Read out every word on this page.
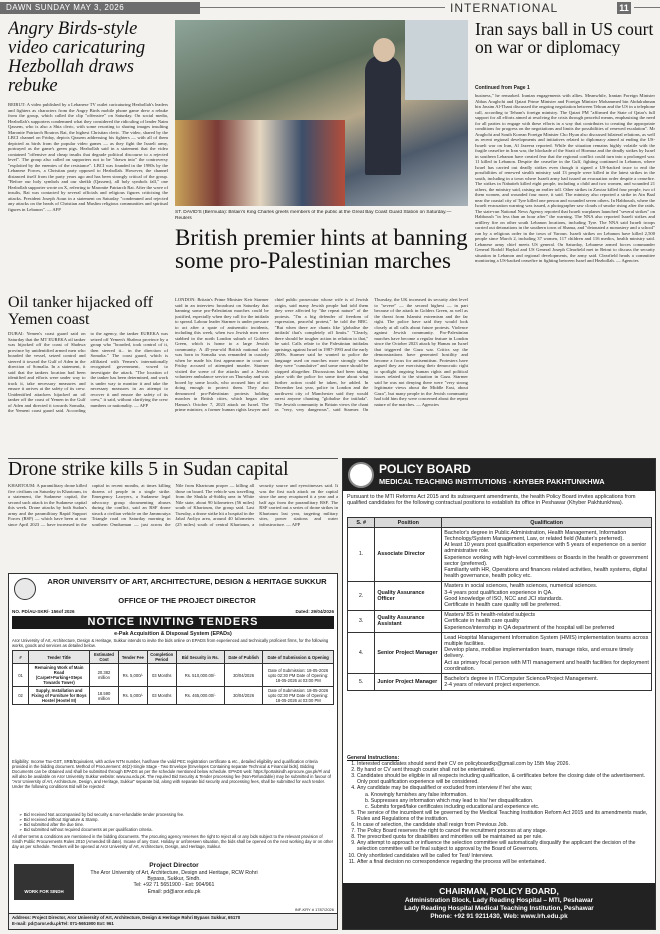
DAWN SUNDAY MAY 3, 2026	INTERNATIONAL	11
Angry Birds-style video caricaturing Hezbollah draws rebuke
BEIRUT: A video published by a Lebanese TV outlet caricaturing Hezbollah's leaders and fighters as characters from the Angry Birds mobile phone game drew a rebuke from the group, which called the clip "offensive" on Saturday. On social media, Hezbollah's supporters condemned what they considered the ridiculing of leader Naim Qassem, who is also a Shia cleric, with some resorting to sharing images insulting Maronite Patriarch Boutros Rai, the highest Christian cleric. The video, shared by the LBCI channel on Friday, depicts Qassem addressing his fighters — with all of them depicted as birds from the popular video games — as they fight the Israeli army, portrayed as the game's green pigs. Hezbollah said in a statement that the video contained "offensive and cheap insults that degrade political discourse to a rejected level". The group also called on supporters not to be "drawn into" the controversy "exploited by the enemies of the resistance". LBCI was founded in the 1980s by the Lebanese Forces, a Christian party opposed to Hezbollah. However, the channel distanced itself from the party years ago and has been strongly critical of the group. "Before our holy symbols and our sheikh (Qassem), all holy symbols fall," one Hezbollah supporter wrote on X, referring to Maronite Patriarch Rai. After the wave of insults, Rai was contacted by several officials and religious figures criticising the attacks. President Joseph Aoun in a statement on Saturday "condemned and rejected any attacks on the heads of Christian and Muslim religious communities and spiritual figures in Lebanon". — AFP
Oil tanker hijacked off Yemen coast
DUBAI: Yemen's coast guard said on Saturday that the MT EUREKA oil tanker was hijacked off the coast of Shabwa province by unidentified armed men who boarded the vessel, seized control and steered it toward the Gulf of Aden in the direction of Somalia. In a statement, it said that the tankers location had been identified and efforts were under way to track it, take necessary measures and ensure it arrives at the safety of its crew. Unidentified attackers hijacked an oil tanker off the coast of Yemen in the Gulf of Aden and directed it towards Somalia, the Yemeni coast guard said. According to the agency, the tanker EUREKA was seized off Yemen's Shabwa province by a group who "boarded, took control of it, then steered it... in the direction of Somalia." The coast guard, which is affiliated with Yemen's internationally recognised government, vowed to investigate the attack. "The location of the tanker has been determined, and work is under way to monitor it and take the necessary measures in an attempt to recover it and ensure the safety of its crew," it said, without clarifying the crew numbers or nationality. — AFP
ST. DAVID'S (Bermuda): Britain's King Charles greets members of the public at the Great Bay Coast Guard Station on Saturday.—Reuters
British premier hints at banning some pro-Palestinian marches
LONDON: Britain's Prime Minister Keir Starmer said in an interview broadcast on Saturday that banning some pro-Palestinian marches could be justified, especially when they call for the intifada to spread. Labour leader Starmer is under pressure to act after a spate of antisemitic incidents, including this week, when two Jewish men were stabbed in the north London suburb of Golders Green, which is home to a large Jewish community. A 45-year-old British national who was born in Somalia was remanded in custody when he made his first appearance in court on Friday accused of attempted murder. Starmer visited the scene of the attacks and a Jewish volunteer ambulance service on Thursday and was booed by some locals, who accused him of not doing enough to protect them. They also denounced pro-Palestinian protests holding marches in British cities, which began after Hamas's October 7, 2023 attack on Israel. The prime minister, a former human rights lawyer and chief public prosecutor whose wife is of Jewish origin, said many Jewish people had told them they were affected by "the repeat nature" of the protests. "I'm a big defender of freedom of expression, peaceful protest," he told the BBC. "But when there are chants like 'globalise the intifada' that's completely off limits." "Clearly, there should be tougher action in relation to that," he said. Calls relate to the Palestinian intifadas uprisings against Israel in 1987-1993 and the early 2000s. Starmer said he wanted to police the language used on marches more strongly when they were "cumulative" and some more should be stopped altogether. Discussions had been taking place with the police for some time about what further action could be taken, he added. In December last year, police in London and the northwest city of Manchester said they would arrest anyone chanting "globalise the intifada". The Jewish community in Britain views the chant as "very, very dangerous", said Starmer. On Thursday, the UK increased its security alert level to "severe" — the second highest — in part because of the attack in Golders Green, as well as the threat from Islamist extremism and the far right. The police have said they would look closely at all calls about future protests. Violence against Jewish community. Pro-Palestinian marches have become a regular feature in London since the October 2023 attack by Hamas on Israel that triggered the Gaza war. Critics say the demonstrations have generated hostility and become a focus for antisemitism. Protesters have argued they are exercising their democratic right to spotlight ongoing human rights and political issues related to the situation in Gaza. Starmer said he was not denying there were "very strong legitimate views about the Middle East, about Gaza", but many people in the Jewish community had told him they were concerned about the repeat nature of the marches. — Agencies
Iran says ball in US court on war or diplomacy
Continued from Page 1
business," he remarked. Iranian engagements with allies. Meanwhile, Iranian Foreign Minister Abbas Araghchi and Qatari Prime Minister and Foreign Minister Mohammed bin Abdulrahman bin Jassim Al-Thani discussed the ongoing negotiation between Tehran and the US in a telephone call, according to Tehran's foreign ministry. The Qatari PM "affirmed the State of Qatar's full support for all efforts aimed at resolving the crisis through peaceful means, emphasising the need for all parties to engage with these efforts in a way that contributes to creating the appropriate conditions for progress on the negotiations and limits the possibilities of renewed escalation". Mr Araghchi and South Korean Foreign Minister Cho Hyun also discussed bilateral relations, as well as recent regional developments and initiatives related to diplomacy aimed at ending the US-Israeli war on Iran, Al Jazeera reported. While the situation remains highly volatile with the fragile ceasefire in Iran war, the blockade of the Strait of Hormuz and the deadly strikes by Israel in southern Lebanon have created fear that the regional conflict could turn into a prolonged war. 11 killed in Lebanon. Despite the ceasefire in the Gulf, fighting continued in Lebanon, where Israel has carried out deadly strikes even though it signed a US-backed truce to end the possibilities of renewed stealth ministry said 13 people were killed in the latest strikes in the south, including in a town where Israeli army had issued an evacuation order despite a ceasefire. The strikes in Nabatieh killed eight people, including a child and two women, and wounded 21 others, the ministry said, raising an earlier toll. Other strikes in Zawtar killed four people, two of them women, and wounded four more, it said. The ministry also reported a strike in Ain Baal near the coastal city of Tyre killed one person and wounded seven others. In Habboush, where the Israeli evacuation warning was issued, a photographer saw clouds of smoke rising after the raids. The state-run National News Agency reported that Israeli warplanes launched "several strikes" on Habboush "in less than an hour after" the warning. The NNA also reported Israeli strikes and artillery fire on other south Lebanon locations, including Tyre. The NNA said Israeli troops carried out detonations in the southern town of Shama, and "detonated a monastery and a school" run by a religious order in the town of Yaroun. Israeli strikes on Lebanon have killed 2,500 people since March 2, including 37 women, 117 children and 116 medics, health ministry said. Lebanese army chief meets US general. On Saturday, Lebanese armed forces commander General Rodolf Haykal and US General Joseph Clearfield met in Beirut to discuss the security situation in Lebanon and regional developments, the army said. Clearfield heads a committee monitoring a US-backed ceasefire in fighting between Israel and Hezbollah. — Agencies
Drone strike kills 5 in Sudan capital
KHARTOUM: A paramilitary drone killed five civilians on Saturday in Khartoum, in a statement, the Sudanese capital, the second such attack in the Sudanese capital this week. Drone attacks by both Sudan's army and the paramilitary Rapid Support Forces (RSF) — which have been at war since April 2023 — have increased in the capital in recent months, at times killing dozens of people in a single strike. Emergency Lawyers, a Sudanese legal advocacy group documenting abuses during the conflict, said an RSF drone struck a civilian vehicle on the Jammouiya Triangle road on Saturday morning in southern Omdurman — just across the Nile from Khartoum proper — killing all those on board. The vehicle was travelling from the Shukla al-Siddiq area in White Nile state, about 90 kilometres (56 miles) south of Khartoum, the group said. Last Tuesday, a drone strike hit a hospital in the Jabal Awliya area, around 40 kilometres (25 miles) south of central Khartoum, a security source and eyewitnesses said. It was the first such attack on the capital since the army recaptured it a year and a half ago from the paramilitary RSF. The RSF carried out a series of drone strikes in Khartoum last year, targeting military sites, power stations and water infrastructure. — AFP
AROR UNIVERSITY OF ART, ARCHITECTURE, DESIGN & HERITAGE SUKKUR
OFFICE OF THE PROJECT DIRECTOR
NO. PD/AU-SKR/- 156of 2026	Dated: 29/04/2026
NOTICE INVITING TENDERS
e-Pak Acquisition & Disposal System (EPADs)
Aror University of Art, Architecture, Design & Heritage, Sukkur intends to invite the bids online on EPADS from experienced and technically proficient firms, for the following works, goods and services as detailed below.
#	Tender Title	Estimated Cost	Tender Fee	Completion Period	Bid Security in Rs.	Date of Publish	Date of Submission & Opening
01	Remaining Work of Main Road (Carpet+Parking+Steps Towards Tower)	20.382 million	Rs. 5,000/-	03 Months	Rs. 510,000.00/-	30/04/2026	Date of Submission: 18-05-2026 upto 02:30 PM Date of Opening: 18-05-2026 at 03:00 PM
02	Supply, Installation and Fixing of Furniture for Boys Hostel (Hostel III)	18.590 million	Rs. 5,000/-	03 Months	Rs. 465,000.00/-	30/04/2026	Date of Submission: 18-05-2026 upto 02:30 PM Date of Opening: 18-05-2026 at 03:00 PM
Eligibility: Income Tax-GST, SRB/Equivalent, with active NTN number, has/have the valid PEC registration certificate & etc., detailed eligibility and qualification criteria provided in the bidding document. Method of Procurement: 46(2)-Single Stage - Two Envelope [Envelopes Containing separate Technical & Financial bids]. Bidding Documents can be obtained and shall be submitted through EPADS as per the schedule mentioned below schedule. EPADS web: https://portalsindh.eprocure.gov.pk/#/ and will also be available on Aror University Sukkur website: www.au.edu.pk. The required Bid Security & Tender processing fee (Non-Refundable) may be submitted in favour of "Aror University of Art, Architecture, Design, and Heritage, Sukkur" separate bid, along with separate bid security and processing fees, shall be submitted for each tender. Under the following conditions Bid will be rejected:
➢ Bid received Not accompanied by bid security & non-refundable tender processing fee.
➢ Bid received without Signature & Stamp.
➢ Bid submitted after the due time.
➢ Bid submitted without required documents as per qualification criteria.
All other terms & conditions are mentioned in the bidding documents. The procuring agency reserves the right to reject all or any bids subject to the relevant provision of Sindh Public Procurements Rules 2010 (Amended till date). Incase of any Govt. Holiday or unforeseen situation, the bids shall be opened on the next working day or on other day as per schedule. Tenders will be opened at Aror University of Art, Architecture, Design, and Heritage, Sukkur.
WORK FOR SINDH
Project Director
The Aror University of Art, Architecture, Design and Heritage, RCW Rohri Bypass, Sukkur, Sindh.
Tel: +92 71 5651900 - Ext: 904/961
Email: pd@aror.edu.pk
INF-KRY # 1787/2026
Address: Project Director, Aror University of Art, Architecture, Design & Heritage Rohri Bypass Sukkur, 65170
E-mail: pd@aror.edu.pkTel: 071-5651900 Ext: 961
POLICY BOARD
MEDICAL TEACHING INSTITUTIONS - KHYBER PAKHTUNKHWA
Pursuant to the MTI Reforms Act 2015 and its subsequent amendments, the health Policy Board invites applications from qualified candidates for the following contractual positions to establish its office in Peshawar (Khyber Pakhtunkhwa).
S. #	Position	Qualification
1.	Associate Director	Bachelor's degree in Public Administration, Health Management, Information Technology/System Management, Law, or related field (Master's preferred).
At least 10 years post qualification experience with 5 years of experience on a senior administrative role.
Experience working with high-level committees or Boards in the health or government sector (preferred).
Familiarity with HR, Operations and finances related activities, health systems, digital health governance, health policy etc.

2.	Quality Assurance Officer	Masters in social sciences, health sciences, numerical sciences.
3-4 years post qualification experience in QA.
Good knowledge of ISO, NCC and JCI standards.
Certificate in health care quality will be preferred.

3.	Quality Assurance Assistant	Masters/ BS in health-related subjects
Certificate in health care quality
Experience/internship in QA department of the hospital will be preferred

4.	Senior Project Manager	Lead Hospital Management Information System (HMIS) implementation teams across multiple facilities.
Develop plans, mobilise implementation team, manage risks, and ensure timely delivery.
Act as primary focal person with MTI management and health facilities for deployment coordination.

5.	Junior Project Manager	Bachelor's degree in IT/Computer Science/Project Management.
2-4 years of relevant project experience.
General Instructions:
1. Interested candidates should send their CV on policyboardkp@gmail.com by 15th May 2026.
2. By hand or CV sent through courier shall not be entertained.
3. Candidates should be eligible in all respects including qualification, & certificates before the closing date of the advertisement. Only post qualification experience will be considered.
4. Any candidate may be disqualified or excluded from interview if he/ she was;
a. Knowingly furnishes any false information.
b. Suppresses any information which may lead to his/ her disqualification.
c. Submits forged/fake certificates including educational and experience etc.
5. The service of the incumbent will be governed by the Medical Teaching Institution Reform Act 2015 and its amendments made, Rules and Regulations of the institution.
6. In case of selection, the candidate shall resign from Previous Job.
7. The Policy Board reserves the right to cancel the recruitment process at any stage.
8. The prescribed quota for disabilities and minorities will be maintained as per rule.
9. Any attempt to approach or influence the selection committee will automatically disqualify the applicant the decision of the selection committee will be final subject to approval by the Board of Governors.
10. Only shortlisted candidates will be called for Test/ Interview.
11. After a final decision no correspondence regarding the process will be entertained.
CHAIRMAN, POLICY BOARD,
Administration Block, Lady Reading Hospital – MTI, Peshawar
Lady Reading Hospital Medical Teaching Institution, Peshawar
Phone: +92 91 9211430, Web: www.lrh.edu.pk
